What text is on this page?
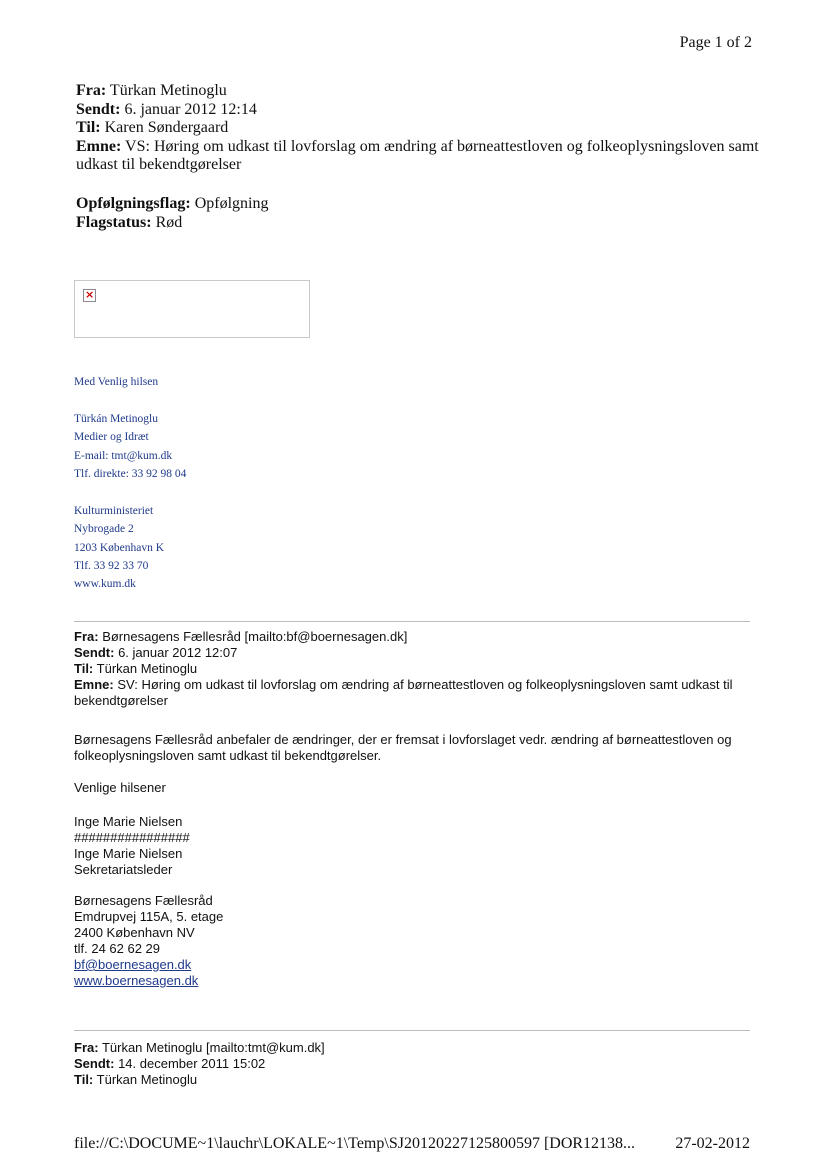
Page 1 of 2
Fra: Türkan Metinoglu
Sendt: 6. januar 2012 12:14
Til: Karen Søndergaard
Emne: VS: Høring om udkast til lovforslag om ændring af børneattestloven og folkeoplysningsloven samt udkast til bekendtgørelser
Opfølgningsflag: Opfølgning
Flagstatus: Rød
×
Med Venlig hilsen
Türkán Metinoglu
Medier og Idræt
E-mail: tmt@kum.dk
Tlf. direkte: 33 92 98 04
Kulturministeriet
Nybrogade 2
1203 København K
Tlf. 33 92 33 70
www.kum.dk
Fra: Børnesagens Fællesråd [mailto:bf@boernesagen.dk]
Sendt: 6. januar 2012 12:07
Til: Türkan Metinoglu
Emne: SV: Høring om udkast til lovforslag om ændring af børneattestloven og folkeoplysningsloven samt udkast til bekendtgørelser
Børnesagens Fællesråd anbefaler de ændringer, der er fremsat i lovforslaget vedr. ændring af børneattestloven og folkeoplysningsloven samt udkast til bekendtgørelser.
Venlige hilsener
Inge Marie Nielsen
################
Inge Marie Nielsen
Sekretariatsleder
Børnesagens Fællesråd
Emdrupvej 115A, 5. etage
2400 København NV
tlf. 24 62 62 29
bf@boernesagen.dk
www.boernesagen.dk
Fra: Türkan Metinoglu [mailto:tmt@kum.dk]
Sendt: 14. december 2011 15:02
Til: Türkan Metinoglu
file://C:\DOCUME~1\lauchr\LOKALE~1\Temp\SJ20120227125800597 [DOR12138...	27-02-2012
